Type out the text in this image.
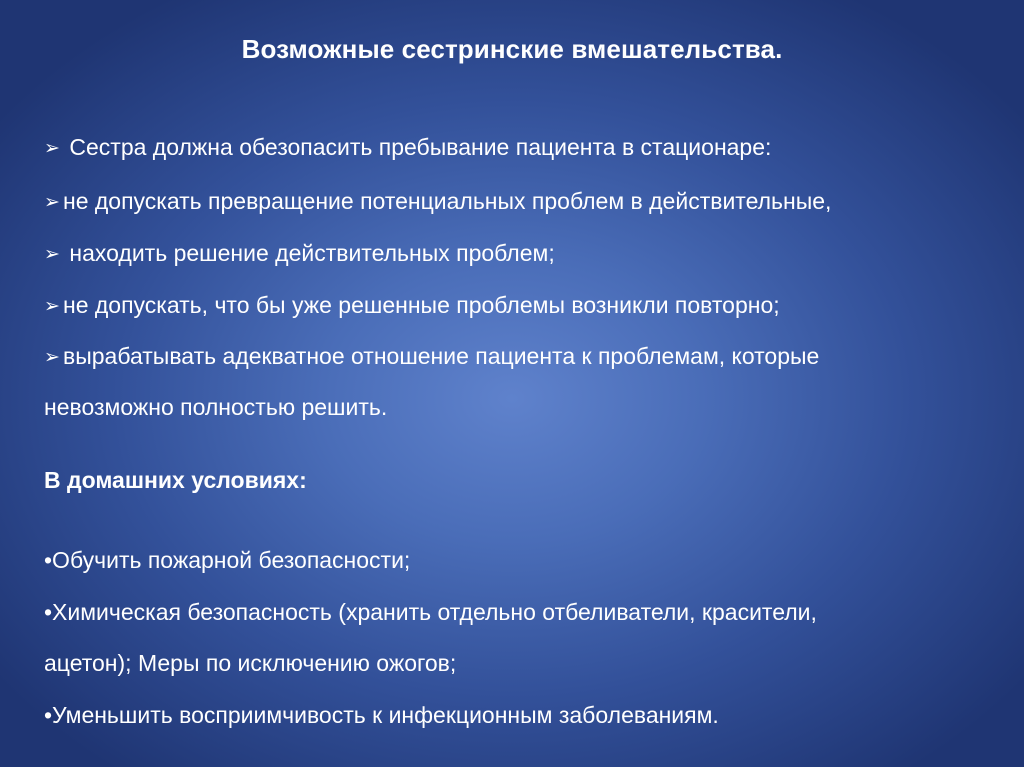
Возможные сестринские вмешательства.
➢ Сестра должна обезопасить пребывание пациента в стационаре:
➢ не допускать превращение потенциальных проблем в действительные,
➢ находить решение действительных проблем;
➢ не допускать, что бы уже решенные проблемы возникли повторно;
➢ вырабатывать адекватное отношение пациента к проблемам, которые
невозможно полностью решить.
В домашних условиях:
•Обучить пожарной безопасности;
•Химическая безопасность (хранить отдельно отбеливатели, красители,
ацетон); Меры по исключению ожогов;
•Уменьшить восприимчивость к инфекционным заболеваниям.
